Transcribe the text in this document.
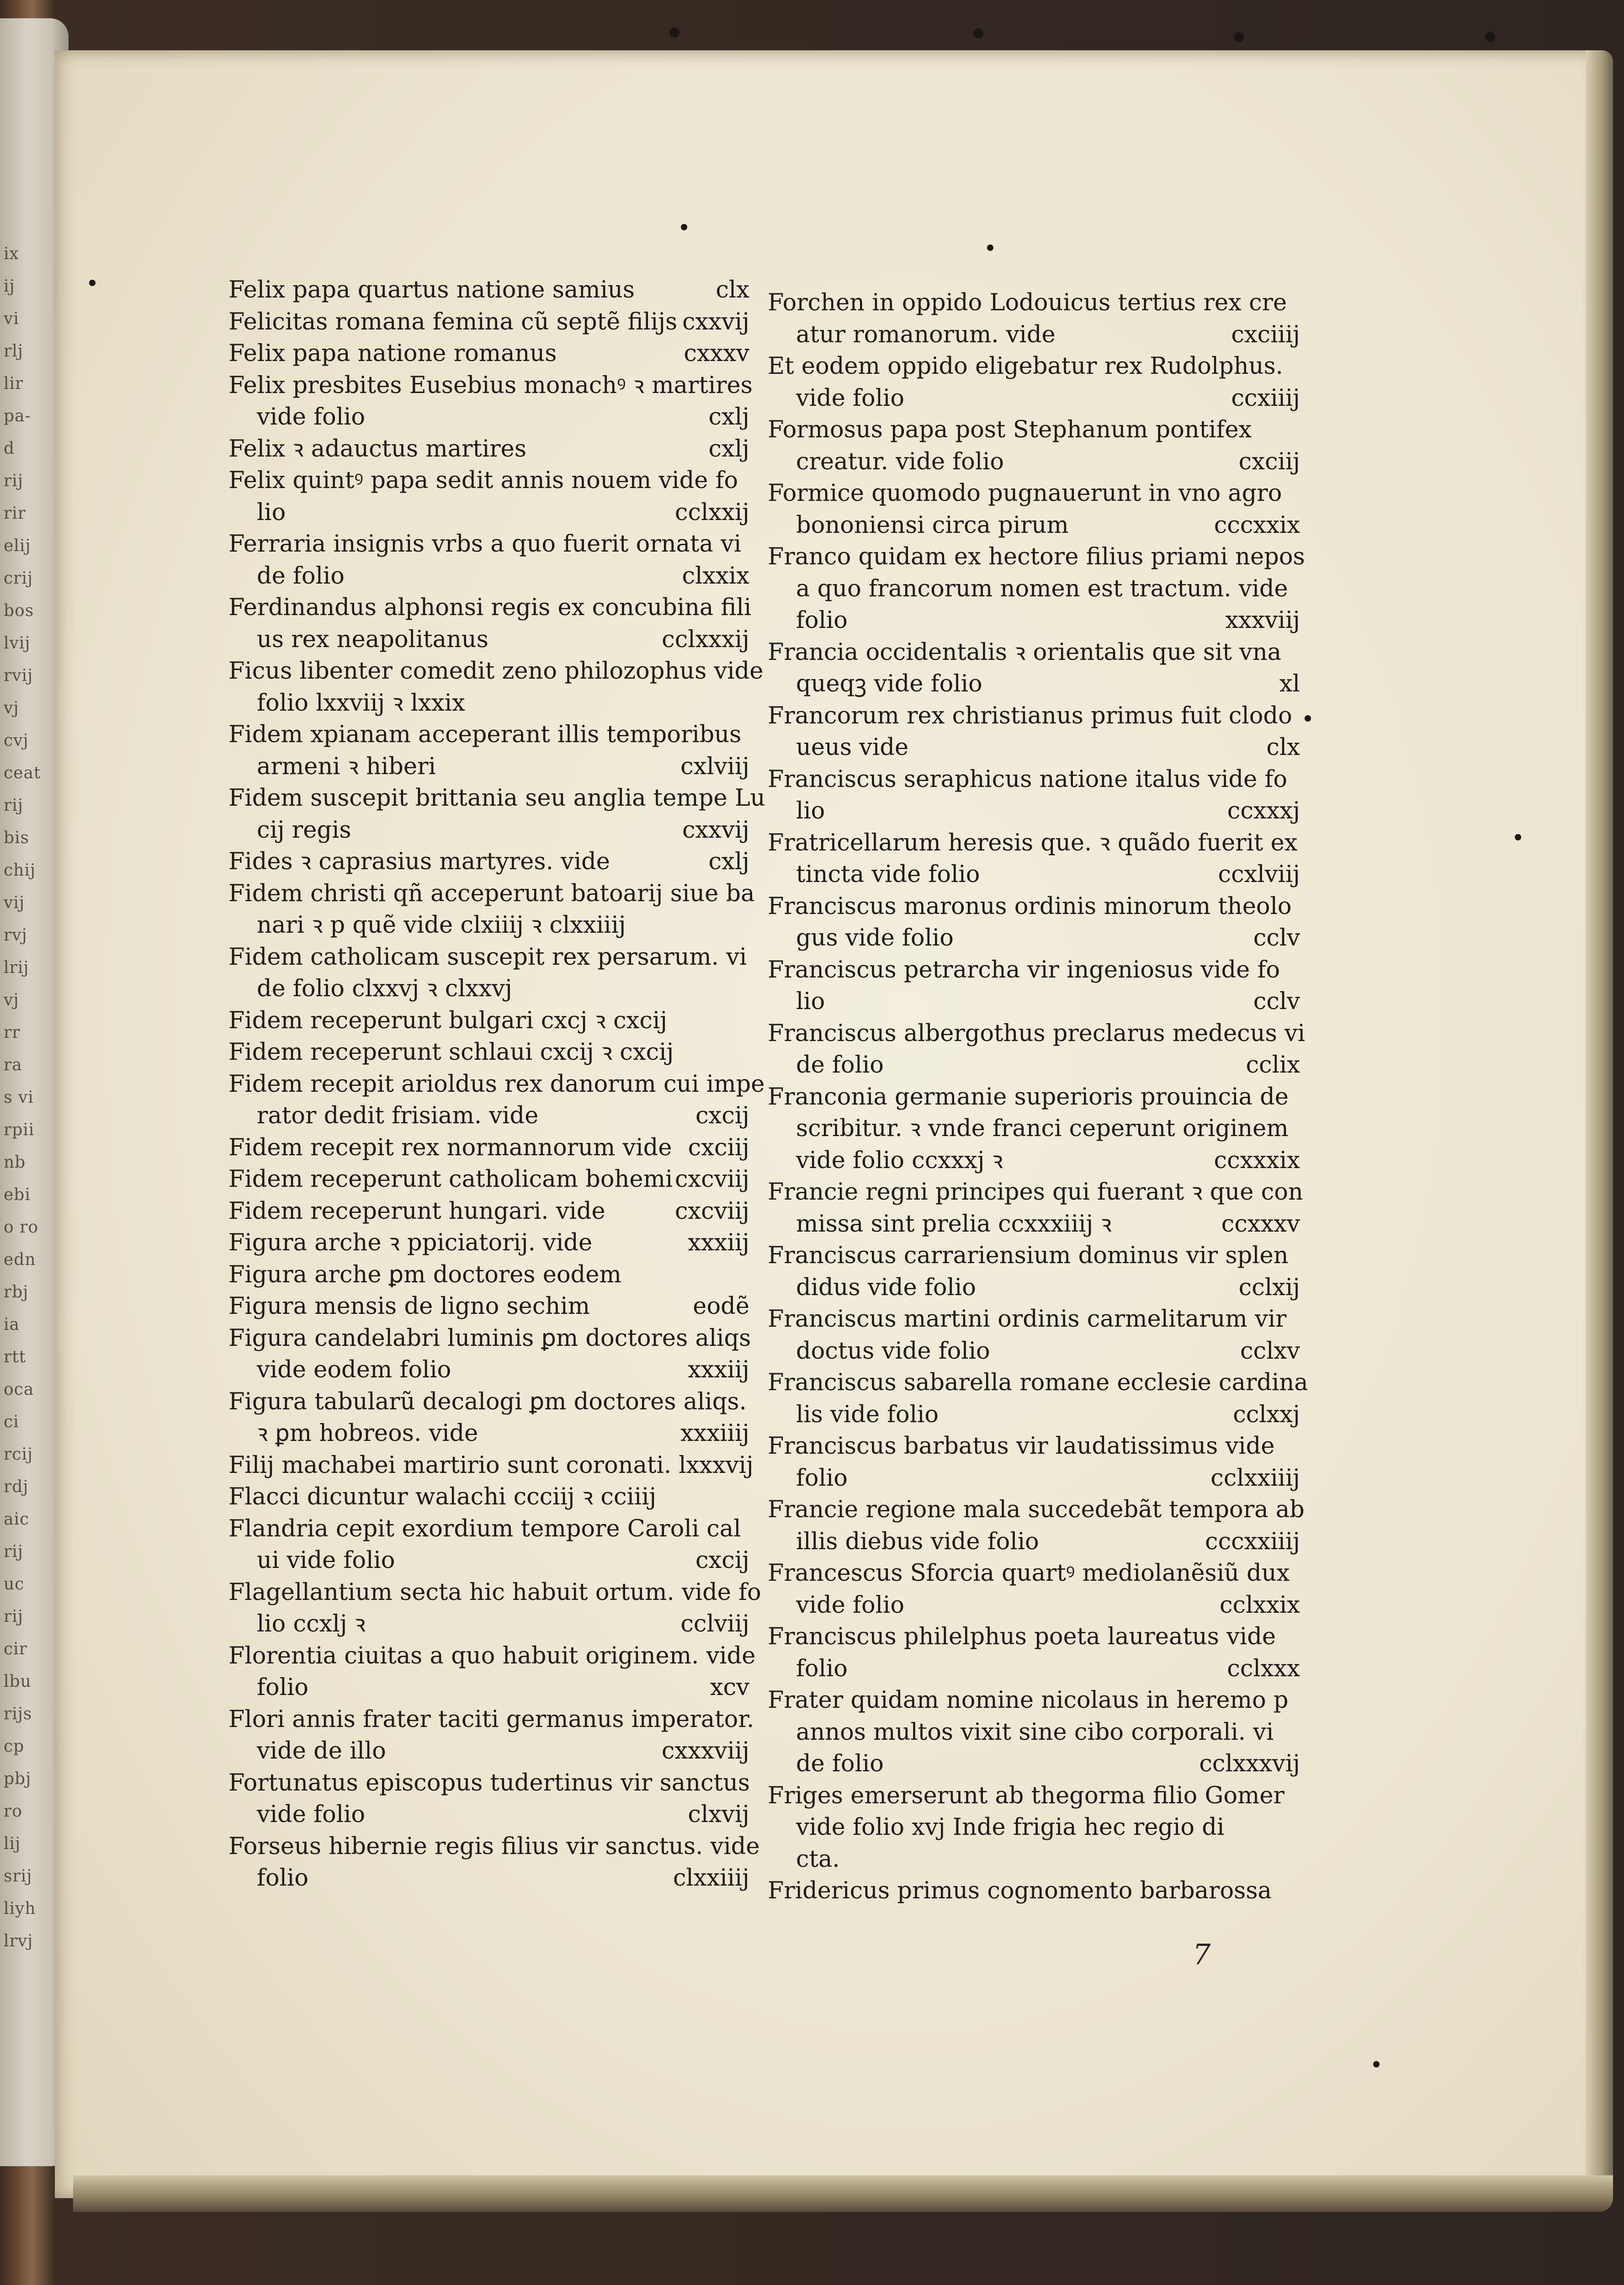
ix
ij
vi
rlj
lir
pa-
d
rij
rir
elij
crij
bos
lvij
rvij
vj
cvj
ceat
rij
bis
chij
vij
rvj
lrij
vj
rr
ra
s vi
rpii
nb
ebi
o ro
edn
rbj
ia
rtt
oca
ci
rcij
rdj
aic
rij
uc
rij
cir
lbu
rijs
cp
pbj
ro
lij
srij
liyh
lrvj
Felix papa quartus natione samius	clx
Felicitas romana femina cũ septẽ filijs cxxvij
Felix papa natione romanus	cxxxv
Felix presbites Eusebius monachꝰ ꝛ martires
vide folio	cxlj
Felix ꝛ adauctus martires	cxlj
Felix quintꝰ papa sedit annis nouem vide fo
lio	cclxxij
Ferraria insignis vrbs a quo fuerit ornata vi
de folio	clxxix
Ferdinandus alphonsi regis ex concubina fili
us rex neapolitanus	cclxxxij
Ficus libenter comedit zeno philozophus vide
folio lxxviij ꝛ lxxix
Fidem xpianam acceperant illis temporibus
armeni ꝛ hiberi	cxlviij
Fidem suscepit brittania seu anglia tempe Lu
cij regis	cxxvij
Fides ꝛ caprasius martyres. vide	cxlj
Fidem christi qñ acceperunt batoarij siue ba
nari ꝛ p quẽ vide clxiiij ꝛ clxxiiij
Fidem catholicam suscepit rex persarum. vi
de folio clxxvj ꝛ clxxvj
Fidem receperunt bulgari cxcj ꝛ cxcij
Fidem receperunt schlaui cxcij ꝛ cxcij
Fidem recepit arioldus rex danorum cui impe
rator dedit frisiam. vide	cxcij
Fidem recepit rex normannorum vide cxciij
Fidem receperunt catholicam bohemi cxcviij
Fidem receperunt hungari. vide	cxcviij
Figura arche ꝛ ppiciatorij. vide	xxxiij
Figura arche ꝑm doctores eodem
Figura mensis de ligno sechim	eodẽ
Figura candelabri luminis ꝑm doctores aliqs
vide eodem folio	xxxiij
Figura tabularũ decalogi ꝑm doctores aliqs.
ꝛ ꝑm hobreos. vide	xxxiiij
Filij machabei martirio sunt coronati. lxxxvij
Flacci dicuntur walachi ccciij ꝛ cciiij
Flandria cepit exordium tempore Caroli cal
ui vide folio	cxcij
Flagellantium secta hic habuit ortum. vide fo
lio ccxlj ꝛ	cclviij
Florentia ciuitas a quo habuit originem. vide
folio	xcv
Flori annis frater taciti germanus imperator.
vide de illo	cxxxviij
Fortunatus episcopus tudertinus vir sanctus
vide folio	clxvij
Forseus hibernie regis filius vir sanctus. vide
folio	clxxiiij
Forchen in oppido Lodouicus tertius rex cre
atur romanorum. vide	cxciiij
Et eodem oppido eligebatur rex Rudolphus.
vide folio	ccxiiij
Formosus papa post Stephanum pontifex
creatur. vide folio	cxciij
Formice quomodo pugnauerunt in vno agro
bononiensi circa pirum	cccxxix
Franco quidam ex hectore filius priami nepos
a quo francorum nomen est tractum. vide
folio	xxxviij
Francia occidentalis ꝛ orientalis que sit vna
queqꝫ vide folio	xl
Francorum rex christianus primus fuit clodo
ueus vide	clx
Franciscus seraphicus natione italus vide fo
lio	ccxxxj
Fratricellarum heresis que. ꝛ quãdo fuerit ex
tincta vide folio	ccxlviij
Franciscus maronus ordinis minorum theolo
gus vide folio	cclv
Franciscus petrarcha vir ingeniosus vide fo
lio	cclv
Franciscus albergothus preclarus medecus vi
de folio	cclix
Franconia germanie superioris prouincia de
scribitur. ꝛ vnde franci ceperunt originem
vide folio ccxxxj ꝛ	ccxxxix
Francie regni principes qui fuerant ꝛ que con
missa sint prelia ccxxxiiij ꝛ	ccxxxv
Franciscus carrariensium dominus vir splen
didus vide folio	cclxij
Franciscus martini ordinis carmelitarum vir
doctus vide folio	cclxv
Franciscus sabarella romane ecclesie cardina
lis vide folio	cclxxj
Franciscus barbatus vir laudatissimus vide
folio	cclxxiiij
Francie regione mala succedebãt tempora ab
illis diebus vide folio	cccxxiiij
Francescus Sforcia quartꝰ mediolanẽsiũ dux
vide folio	cclxxix
Franciscus philelphus poeta laureatus vide
folio	cclxxx
Frater quidam nomine nicolaus in heremo p
annos multos vixit sine cibo corporali. vi
de folio	cclxxxvij
Friges emerserunt ab thegorma filio Gomer
vide folio xvj Inde frigia hec regio di
cta.
Fridericus primus cognomento barbarossa
7
